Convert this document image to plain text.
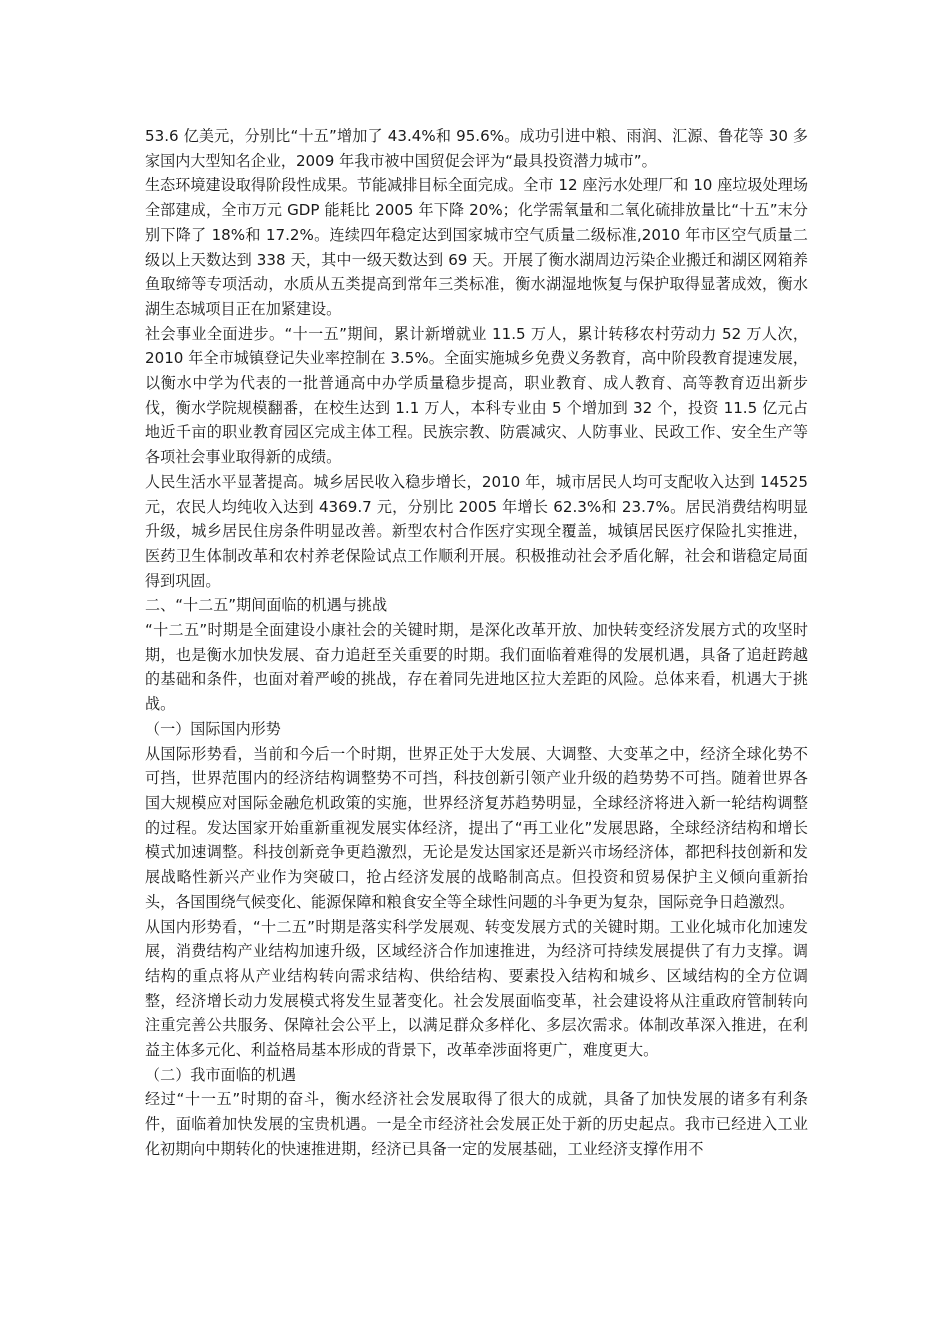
53.6 亿美元，分别比“十五”增加了 43.4%和 95.6%。成功引进中粮、雨润、汇源、鲁花等 30 多家国内大型知名企业，2009 年我市被中国贸促会评为“最具投资潜力城市”。

生态环境建设取得阶段性成果。节能减排目标全面完成。全市 12 座污水处理厂和 10 座垃圾处理场全部建成，全市万元 GDP 能耗比 2005 年下降 20%；化学需氧量和二氧化硫排放量比“十五”末分别下降了 18%和 17.2%。连续四年稳定达到国家城市空气质量二级标准,2010 年市区空气质量二级以上天数达到 338 天，其中一级天数达到 69 天。开展了衡水湖周边污染企业搬迁和湖区网箱养鱼取缔等专项活动，水质从五类提高到常年三类标准，衡水湖湿地恢复与保护取得显著成效，衡水湖生态城项目正在加紧建设。

社会事业全面进步。“十一五”期间，累计新增就业 11.5 万人，累计转移农村劳动力 52 万人次，2010 年全市城镇登记失业率控制在 3.5%。全面实施城乡免费义务教育，高中阶段教育提速发展，以衡水中学为代表的一批普通高中办学质量稳步提高，职业教育、成人教育、高等教育迈出新步伐，衡水学院规模翻番，在校生达到 1.1 万人，本科专业由 5 个增加到 32 个，投资 11.5 亿元占地近千亩的职业教育园区完成主体工程。民族宗教、防震减灾、人防事业、民政工作、安全生产等各项社会事业取得新的成绩。

人民生活水平显著提高。城乡居民收入稳步增长，2010 年，城市居民人均可支配收入达到 14525 元，农民人均纯收入达到 4369.7 元，分别比 2005 年增长 62.3%和 23.7%。居民消费结构明显升级，城乡居民住房条件明显改善。新型农村合作医疗实现全覆盖，城镇居民医疗保险扎实推进，医药卫生体制改革和农村养老保险试点工作顺利开展。积极推动社会矛盾化解，社会和谐稳定局面得到巩固。

二、“十二五”期间面临的机遇与挑战

“十二五”时期是全面建设小康社会的关键时期，是深化改革开放、加快转变经济发展方式的攻坚时期，也是衡水加快发展、奋力追赶至关重要的时期。我们面临着难得的发展机遇，具备了追赶跨越的基础和条件，也面对着严峻的挑战，存在着同先进地区拉大差距的风险。总体来看，机遇大于挑战。

（一）国际国内形势

从国际形势看，当前和今后一个时期，世界正处于大发展、大调整、大变革之中，经济全球化势不可挡，世界范围内的经济结构调整势不可挡，科技创新引领产业升级的趋势势不可挡。随着世界各国大规模应对国际金融危机政策的实施，世界经济复苏趋势明显，全球经济将进入新一轮结构调整的过程。发达国家开始重新重视发展实体经济，提出了“再工业化”发展思路，全球经济结构和增长模式加速调整。科技创新竞争更趋激烈，无论是发达国家还是新兴市场经济体，都把科技创新和发展战略性新兴产业作为突破口，抢占经济发展的战略制高点。但投资和贸易保护主义倾向重新抬头，各国围绕气候变化、能源保障和粮食安全等全球性问题的斗争更为复杂，国际竞争日趋激烈。

从国内形势看，“十二五”时期是落实科学发展观、转变发展方式的关键时期。工业化城市化加速发展，消费结构产业结构加速升级，区域经济合作加速推进，为经济可持续发展提供了有力支撑。调结构的重点将从产业结构转向需求结构、供给结构、要素投入结构和城乡、区域结构的全方位调整，经济增长动力发展模式将发生显著变化。社会发展面临变革，社会建设将从注重政府管制转向注重完善公共服务、保障社会公平上，以满足群众多样化、多层次需求。体制改革深入推进，在利益主体多元化、利益格局基本形成的背景下，改革牵涉面将更广，难度更大。

（二）我市面临的机遇

经过“十一五”时期的奋斗，衡水经济社会发展取得了很大的成就，具备了加快发展的诸多有利条件，面临着加快发展的宝贵机遇。一是全市经济社会发展正处于新的历史起点。我市已经进入工业化初期向中期转化的快速推进期，经济已具备一定的发展基础，工业经济支撑作用不
